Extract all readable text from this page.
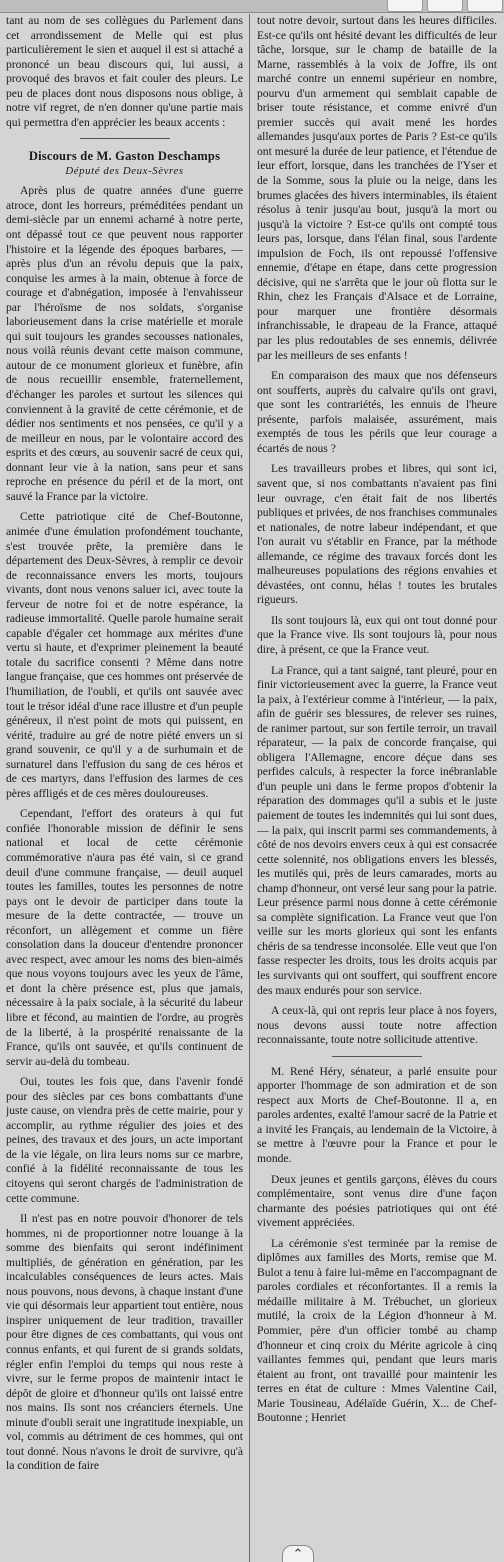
tant au nom de ses collègues du Parlement dans cet arrondissement de Melle qui est plus particulièrement le sien et auquel il est si attaché a prononcé un beau discours qui, lui aussi, a provoqué des bravos et fait couler des pleurs. Le peu de places dont nous disposons nous oblige, à notre vif regret, de n'en donner qu'une partie mais qui permettra d'en apprécier les beaux accents :

Discours de M. Gaston Deschamps
Député des Deux-Sèvres

Après plus de quatre années d'une guerre atroce, dont les horreurs, préméditées pendant un demi-siècle par un ennemi acharné à notre perte, ont dépassé tout ce que peuvent nous rapporter l'histoire et la légende des époques barbares, — après plus d'un an révolu depuis que la paix, conquise les armes à la main, obtenue à force de courage et d'abnégation, imposée à l'envahisseur par l'héroïsme de nos soldats, s'organise laborieusement dans la crise matérielle et morale qui suit toujours les grandes secousses nationales, nous voilà réunis devant cette maison commune, autour de ce monument glorieux et funèbre, afin de nous recueillir ensemble, fraternellement, d'échanger les paroles et surtout les silences qui conviennent à la gravité de cette cérémonie, et de dédier nos sentiments et nos pensées, ce qu'il y a de meilleur en nous, par le volontaire accord des esprits et des cœurs, au souvenir sacré de ceux qui, donnant leur vie à la nation, sans peur et sans reproche en présence du péril et de la mort, ont sauvé la France par la victoire.

Cette patriotique cité de Chef-Boutonne, animée d'une émulation profondément touchante, s'est trouvée prête, la première dans le département des Deux-Sèvres, à remplir ce devoir de reconnaissance envers les morts, toujours vivants, dont nous venons saluer ici, avec toute la ferveur de notre foi et de notre espérance, la radieuse immortalité. Quelle parole humaine serait capable d'égaler cet hommage aux mérites d'une vertu si haute, et d'exprimer pleinement la beauté totale du sacrifice consenti ? Même dans notre langue française, que ces hommes ont préservée de l'humiliation, de l'oubli, et qu'ils ont sauvée avec tout le trésor idéal d'une race illustre et d'un peuple généreux, il n'est point de mots qui puissent, en vérité, traduire au gré de notre piété envers un si grand souvenir, ce qu'il y a de surhumain et de surnaturel dans l'effusion du sang de ces héros et de ces martyrs, dans l'effusion des larmes de ces pères affligés et de ces mères douloureuses.

Cependant, l'effort des orateurs à qui fut confiée l'honorable mission de définir le sens national et local de cette cérémonie commémorative n'aura pas été vain, si ce grand deuil d'une commune française, — deuil auquel toutes les familles, toutes les personnes de notre pays ont le devoir de participer dans toute la mesure de la dette contractée, — trouve un réconfort, un allègement et comme un fière consolation dans la douceur d'entendre prononcer avec respect, avec amour les noms des bien-aimés que nous voyons toujours avec les yeux de l'âme, et dont la chère présence est, plus que jamais, nécessaire à la paix sociale, à la sécurité du labeur libre et fécond, au maintien de l'ordre, au progrès de la liberté, à la prospérité renaissante de la France, qu'ils ont sauvée, et qu'ils continuent de servir au-delà du tombeau.

Oui, toutes les fois que, dans l'avenir fondé pour des siècles par ces bons combattants d'une juste cause, on viendra près de cette mairie, pour y accomplir, au rythme régulier des joies et des peines, des travaux et des jours, un acte important de la vie légale, on lira leurs noms sur ce marbre, confié à la fidélité reconnaissante de tous les citoyens qui seront chargés de l'administration de cette commune.

Il n'est pas en notre pouvoir d'honorer de tels hommes, ni de proportionner notre louange à la somme des bienfaits qui seront indéfiniment multipliés, de génération en génération, par les incalculables conséquences de leurs actes. Mais nous pouvons, nous devons, à chaque instant d'une vie qui désormais leur appartient tout entière, nous inspirer uniquement de leur tradition, travailler pour être dignes de ces combattants, qui vous ont connus enfants, et qui furent de si grands soldats, régler enfin l'emploi du temps qui nous reste à vivre, sur le ferme propos de maintenir intact le dépôt de gloire et d'honneur qu'ils ont laissé entre nos mains. Ils sont nos créanciers éternels. Une minute d'oubli serait une ingratitude inexpiable, un vol, commis au détriment de ces hommes, qui ont tout donné. Nous n'avons le droit de survivre, qu'à la condition de faire

tout notre devoir, surtout dans les heures difficiles. Est-ce qu'ils ont hésité devant les difficultés de leur tâche, lorsque, sur le champ de bataille de la Marne, rassemblés à la voix de Joffre, ils ont marché contre un ennemi supérieur en nombre, pourvu d'un armement qui semblait capable de briser toute résistance, et comme enivré d'un premier succès qui avait mené les hordes allemandes jusqu'aux portes de Paris ? Est-ce qu'ils ont mesuré la durée de leur patience, et l'étendue de leur effort, lorsque, dans les tranchées de l'Yser et de la Somme, sous la pluie ou la neige, dans les brumes glacées des hivers interminables, ils étaient résolus à tenir jusqu'au bout, jusqu'à la mort ou jusqu'à la victoire ? Est-ce qu'ils ont compté tous leurs pas, lorsque, dans l'élan final, sous l'ardente impulsion de Foch, ils ont repoussé l'offensive ennemie, d'étape en étape, dans cette progression décisive, qui ne s'arrêta que le jour où flotta sur le Rhin, chez les Français d'Alsace et de Lorraine, pour marquer une frontière désormais infranchissable, le drapeau de la France, attaqué par les plus redoutables de ses ennemis, délivrée par les meilleurs de ses enfants !

En comparaison des maux que nos défenseurs ont soufferts, auprès du calvaire qu'ils ont gravi, que sont les contrariétés, les ennuis de l'heure présente, parfois malaisée, assurément, mais exemptés de tous les périls que leur courage a écartés de nous ?

Les travailleurs probes et libres, qui sont ici, savent que, si nos combattants n'avaient pas fini leur ouvrage, c'en était fait de nos libertés publiques et privées, de nos franchises communales et nationales, de notre labeur indépendant, et que l'on aurait vu s'établir en France, par la méthode allemande, ce régime des travaux forcés dont les malheureuses populations des régions envahies et dévastées, ont connu, hélas ! toutes les brutales rigueurs.

Ils sont toujours là, eux qui ont tout donné pour que la France vive. Ils sont toujours là, pour nous dire, à présent, ce que la France veut.

La France, qui a tant saigné, tant pleuré, pour en finir victorieusement avec la guerre, la France veut la paix, à l'extérieur comme à l'intérieur, — la paix, afin de guérir ses blessures, de relever ses ruines, de ranimer partout, sur son fertile terroir, un travail réparateur, — la paix de concorde française, qui obligera l'Allemagne, encore déçue dans ses perfides calculs, à respecter la force inébranlable d'un peuple uni dans le ferme propos d'obtenir la réparation des dommages qu'il a subis et le juste paiement de toutes les indemnités qui lui sont dues, — la paix, qui inscrit parmi ses commandements, à côté de nos devoirs envers ceux à qui est consacrée cette solennité, nos obligations envers les blessés, les mutilés qui, près de leurs camarades, morts au champ d'honneur, ont versé leur sang pour la patrie. Leur présence parmi nous donne à cette cérémonie sa complète signification. La France veut que l'on veille sur les morts glorieux qui sont les enfants chéris de sa tendresse inconsolée. Elle veut que l'on fasse respecter les droits, tous les droits acquis par les survivants qui ont souffert, qui souffrent encore des maux endurés pour son service.

A ceux-là, qui ont repris leur place à nos foyers, nous devons aussi toute notre affection reconnaissante, toute notre sollicitude attentive.

M. René Héry, sénateur, a parlé ensuite pour apporter l'hommage de son admiration et de son respect aux Morts de Chef-Boutonne. Il a, en paroles ardentes, exalté l'amour sacré de la Patrie et a invité les Français, au lendemain de la Victoire, à se mettre à l'œuvre pour la France et pour le monde.

Deux jeunes et gentils garçons, élèves du cours complémentaire, sont venus dire d'une façon charmante des poésies patriotiques qui ont été vivement appréciées.

La cérémonie s'est terminée par la remise de diplômes aux familles des Morts, remise que M. Bulot a tenu à faire lui-même en l'accompagnant de paroles cordiales et réconfortantes. Il a remis la médaille militaire à M. Trébuchet, un glorieux mutilé, la croix de la Légion d'honneur à M. Pommier, père d'un officier tombé au champ d'honneur et cinq croix du Mérite agricole à cinq vaillantes femmes qui, pendant que leurs maris étaient au front, ont travaillé pour maintenir les terres en état de culture : Mmes Valentine Cail, Marie Tousineau, Adélaïde Guérin, X... de Chef-Boutonne ; Henriet

⌃
